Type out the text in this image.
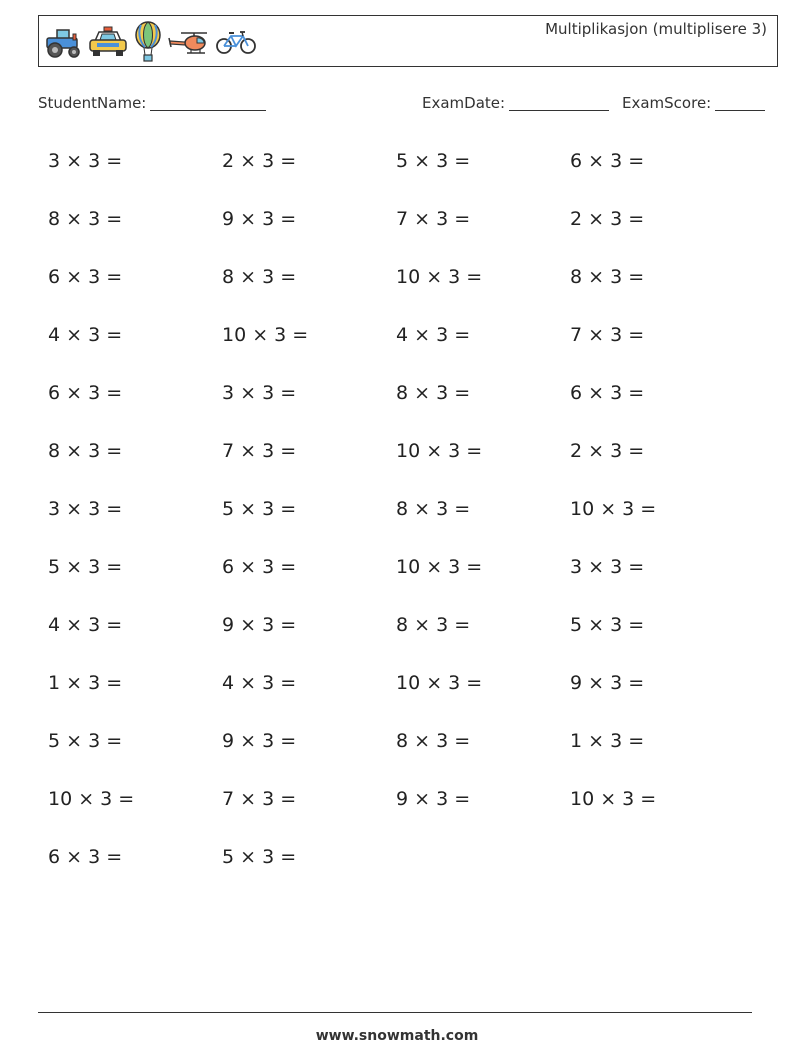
Multiplikasjon (multiplisere 3)
StudentName:	ExamDate:	ExamScore:
3 × 3 =	2 × 3 =	5 × 3 =	6 × 3 =
8 × 3 =	9 × 3 =	7 × 3 =	2 × 3 =
6 × 3 =	8 × 3 =	10 × 3 =	8 × 3 =
4 × 3 =	10 × 3 =	4 × 3 =	7 × 3 =
6 × 3 =	3 × 3 =	8 × 3 =	6 × 3 =
8 × 3 =	7 × 3 =	10 × 3 =	2 × 3 =
3 × 3 =	5 × 3 =	8 × 3 =	10 × 3 =
5 × 3 =	6 × 3 =	10 × 3 =	3 × 3 =
4 × 3 =	9 × 3 =	8 × 3 =	5 × 3 =
1 × 3 =	4 × 3 =	10 × 3 =	9 × 3 =
5 × 3 =	9 × 3 =	8 × 3 =	1 × 3 =
10 × 3 =	7 × 3 =	9 × 3 =	10 × 3 =
6 × 3 =	5 × 3 =
www.snowmath.com
